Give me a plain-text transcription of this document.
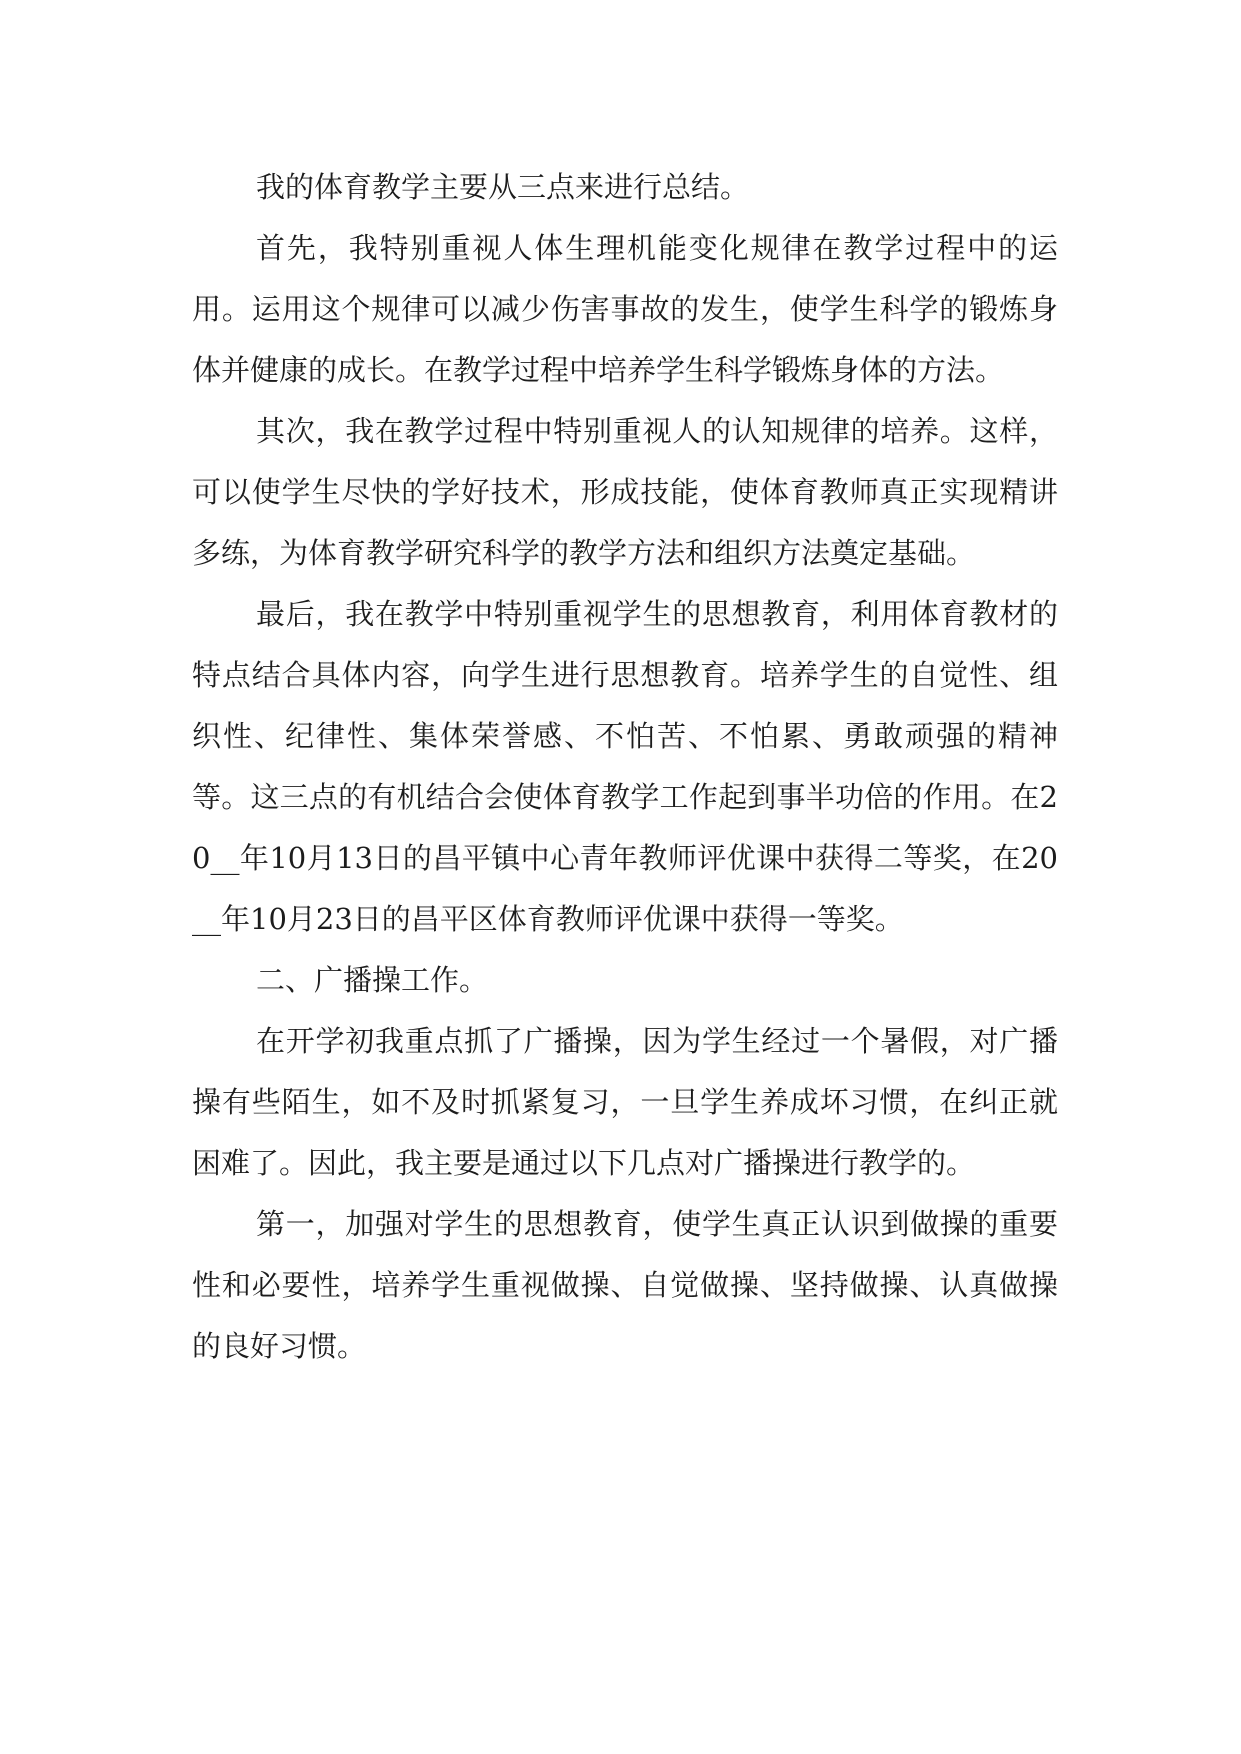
我的体育教学主要从三点来进行总结。

首先，我特别重视人体生理机能变化规律在教学过程中的运用。运用这个规律可以减少伤害事故的发生，使学生科学的锻炼身体并健康的成长。在教学过程中培养学生科学锻炼身体的方法。

其次，我在教学过程中特别重视人的认知规律的培养。这样，可以使学生尽快的学好技术，形成技能，使体育教师真正实现精讲多练，为体育教学研究科学的教学方法和组织方法奠定基础。

最后，我在教学中特别重视学生的思想教育，利用体育教材的特点结合具体内容，向学生进行思想教育。培养学生的自觉性、组织性、纪律性、集体荣誉感、不怕苦、不怕累、勇敢顽强的精神等。这三点的有机结合会使体育教学工作起到事半功倍的作用。在20__年10月13日的昌平镇中心青年教师评优课中获得二等奖，在20__年10月23日的昌平区体育教师评优课中获得一等奖。

二、广播操工作。

在开学初我重点抓了广播操，因为学生经过一个暑假，对广播操有些陌生，如不及时抓紧复习，一旦学生养成坏习惯，在纠正就困难了。因此，我主要是通过以下几点对广播操进行教学的。

第一，加强对学生的思想教育，使学生真正认识到做操的重要性和必要性，培养学生重视做操、自觉做操、坚持做操、认真做操的良好习惯。
